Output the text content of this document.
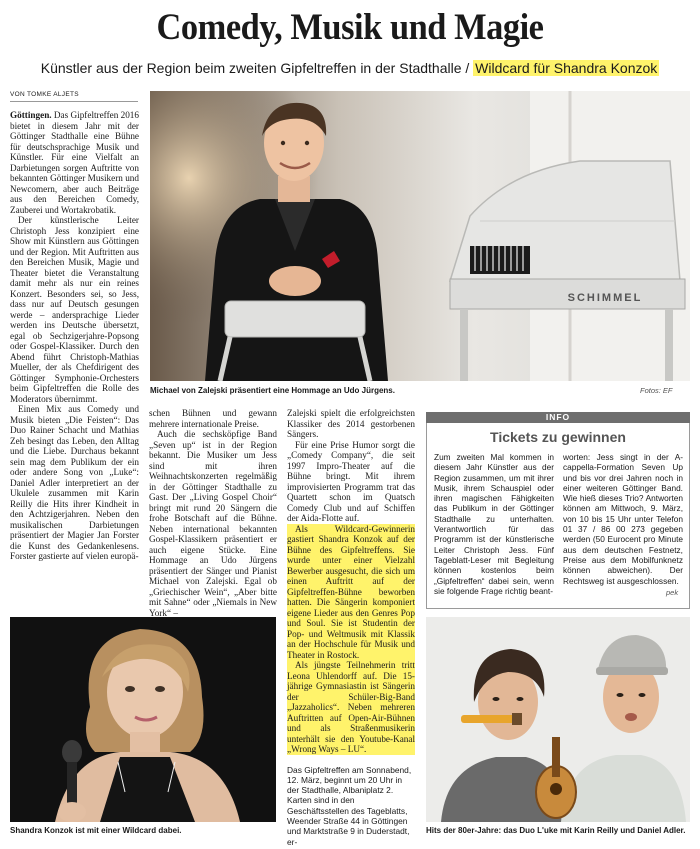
Comedy, Musik und Magie
Künstler aus der Region beim zweiten Gipfeltreffen in der Stadthalle / Wildcard für Shandra Konzok
VON TOMKE ALJETS

Göttingen. Das Gipfeltreffen 2016 bietet in diesem Jahr mit der Göttinger Stadthalle eine Bühne für deutschsprachige Musik und Künstler. Für eine Vielfalt an Darbietungen sorgen Auftritte von bekannten Göttinger Musikern und Newcomern, aber auch Beiträge aus den Bereichen Comedy, Zauberei und Wortakrobatik.

Der künstlerische Leiter Christoph Jess konzipiert eine Show mit Künstlern aus Göttingen und der Region. Mit Auftritten aus den Bereichen Musik, Magie und Theater bietet die Veranstaltung damit mehr als nur ein reines Konzert. Besonders sei, so Jess, dass nur auf Deutsch gesungen werde – andersprachige Lieder werden ins Deutsche übersetzt, egal ob Sechzigerjahre-Popsong oder Gospel-Klassiker. Durch den Abend führt Christoph-Mathias Mueller, der als Chefdirigent des Göttinger Symphonie-Orchesters beim Gipfeltreffen die Rolle des Moderators übernimmt.

Einen Mix aus Comedy und Musik bieten „Die Feisten“: Das Duo Rainer Schacht und Mathias Zeh besingt das Leben, den Alltag und die Liebe. Durchaus bekannt sein mag dem Publikum der ein oder andere Song von „Luke“: Daniel Adler interpretiert an der Ukulele zusammen mit Karin Reilly die Hits ihrer Kindheit in den Achtzigerjahren. Neben den musikalischen Darbietungen präsentiert der Magier Jan Forster die Kunst des Gedankenlesens. Forster gastierte auf vielen europä-

SCHIMMEL
Michael von Zalejski präsentiert eine Hommage an Udo Jürgens.	Fotos: EF

schen Bühnen und gewann mehrere internationale Preise.

Auch die sechsköpfige Band „Seven up“ ist in der Region bekannt. Die Musiker um Jess sind mit ihren Weihnachtskonzerten regelmäßig in der Göttinger Stadthalle zu Gast. Der „Living Gospel Choir“ bringt mit rund 20 Sängern die frohe Botschaft auf die Bühne. Neben international bekannten Gospel-Klassikern präsentiert er auch eigene Stücke. Eine Hommage an Udo Jürgens präsentiert der Sänger und Pianist Michael von Zalejski. Egal ob „Griechischer Wein“, „Aber bitte mit Sahne“ oder „Niemals in New York“ –

Zalejski spielt die erfolgreichsten Klassiker des 2014 gestorbenen Sängers.

Für eine Prise Humor sorgt die „Comedy Company“, die seit 1997 Impro-Theater auf die Bühne bringt. Mit ihrem improvisierten Programm trat das Quartett schon im Quatsch Comedy Club und auf Schiffen der Aida-Flotte auf.

Als Wildcard-Gewinnerin gastiert Shandra Konzok auf der Bühne des Gipfeltreffens. Sie wurde unter einer Vielzahl Bewerber ausgesucht, die sich um einen Auftritt auf der Gipfeltreffen-Bühne beworben hatten. Die Sängerin komponiert eigene Lieder aus den Genres Pop und Soul. Sie ist Studentin der Pop- und Weltmusik mit Klassik an der Hochschule für Musik und Theater in Rostock.

Als jüngste Teilnehmerin tritt Leona Uhlendorff auf. Die 15-jährige Gymnasiastin ist Sängerin der Schüler-Big-Band „Jazzaholics“. Neben mehreren Auftritten auf Open-Air-Bühnen und als Straßenmusikerin unterhält sie den Youtube-Kanal „Wrong Ways – LU“.

Das Gipfeltreffen am Sonnabend, 12. März, beginnt um 20 Uhr in der Stadthalle, Albaniplatz 2. Karten sind in den Geschäftsstellen des Tageblatts, Weender Straße 44 in Göttingen und Marktstraße 9 in Duderstadt, er-

INFO
Tickets zu gewinnen
Zum zweiten Mal kommen in diesem Jahr Künstler aus der Region zusammen, um mit ihrer Musik, ihrem Schauspiel oder ihren magischen Fähigkeiten das Publikum in der Göttinger Stadthalle zu unterhalten. Verantwortlich für das Programm ist der künstlerische Leiter Christoph Jess. Fünf Tageblatt-Leser mit Begleitung können kostenlos beim „Gipfeltreffen“ dabei sein, wenn sie folgende Frage richtig beant-
worten: Jess singt in der A-cappella-Formation Seven Up und bis vor drei Jahren noch in einer weiteren Göttinger Band. Wie hieß dieses Trio? Antworten können am Mittwoch, 9. März, von 10 bis 15 Uhr unter Telefon 01 37 / 86 00 273 gegeben werden (50 Eurocent pro Minute aus dem deutschen Festnetz, Preise aus dem Mobilfunknetz können abweichen). Der Rechtsweg ist ausgeschlossen.
pek
Shandra Konzok ist mit einer Wildcard dabei.	Hits der 80er-Jahre: das Duo L'uke mit Karin Reilly und Daniel Adler.
